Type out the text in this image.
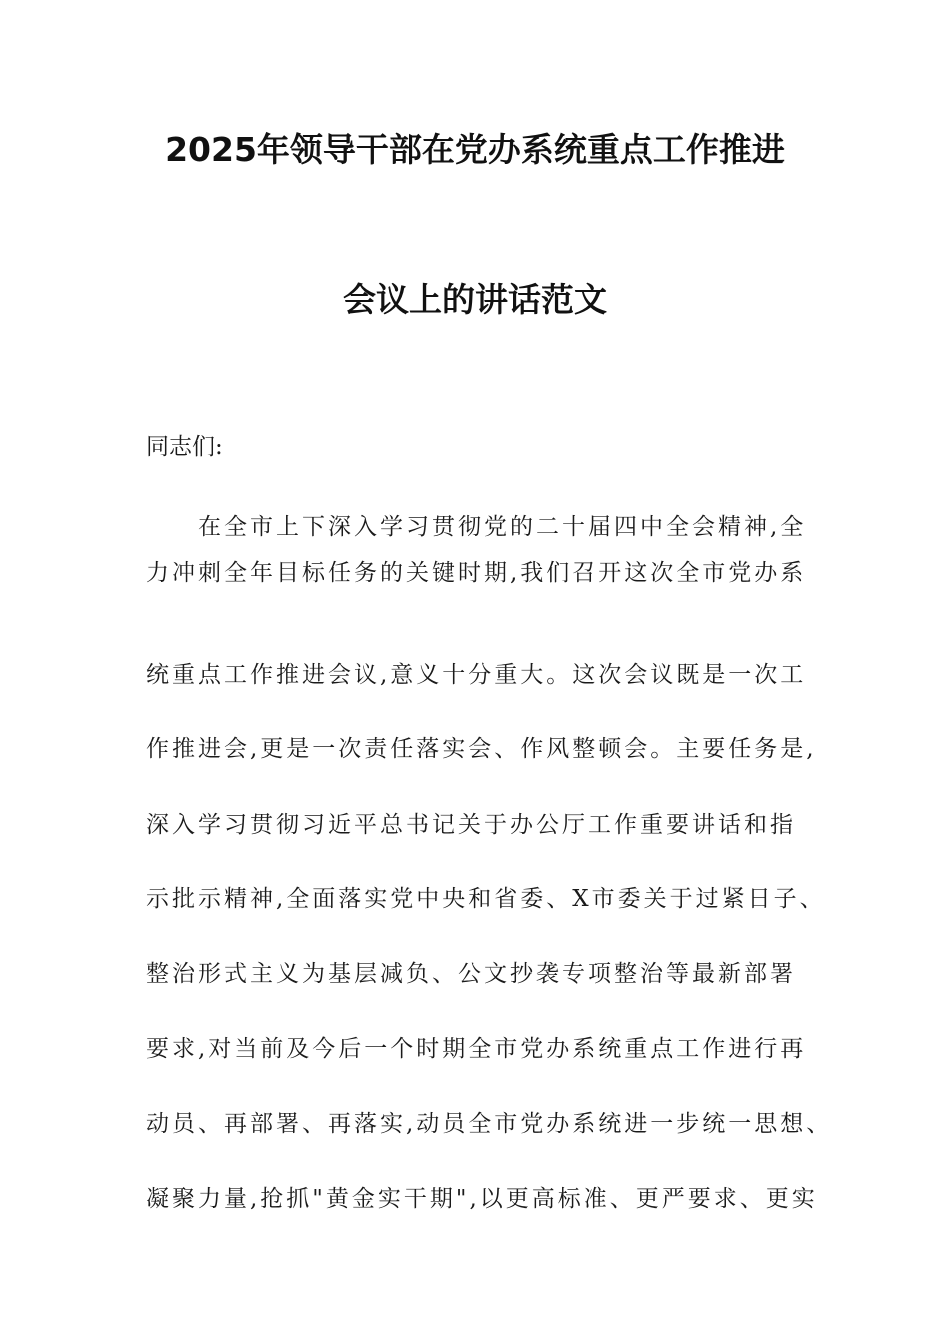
2025年领导干部在党办系统重点工作推进
会议上的讲话范文
同志们:
在全市上下深入学习贯彻党的二十届四中全会精神,全
力冲刺全年目标任务的关键时期,我们召开这次全市党办系
统重点工作推进会议,意义十分重大。这次会议既是一次工
作推进会,更是一次责任落实会、作风整顿会。主要任务是,
深入学习贯彻习近平总书记关于办公厅工作重要讲话和指
示批示精神,全面落实党中央和省委、X市委关于过紧日子、
整治形式主义为基层减负、公文抄袭专项整治等最新部署
要求,对当前及今后一个时期全市党办系统重点工作进行再
动员、再部署、再落实,动员全市党办系统进一步统一思想、
凝聚力量,抢抓"黄金实干期",以更高标准、更严要求、更实
